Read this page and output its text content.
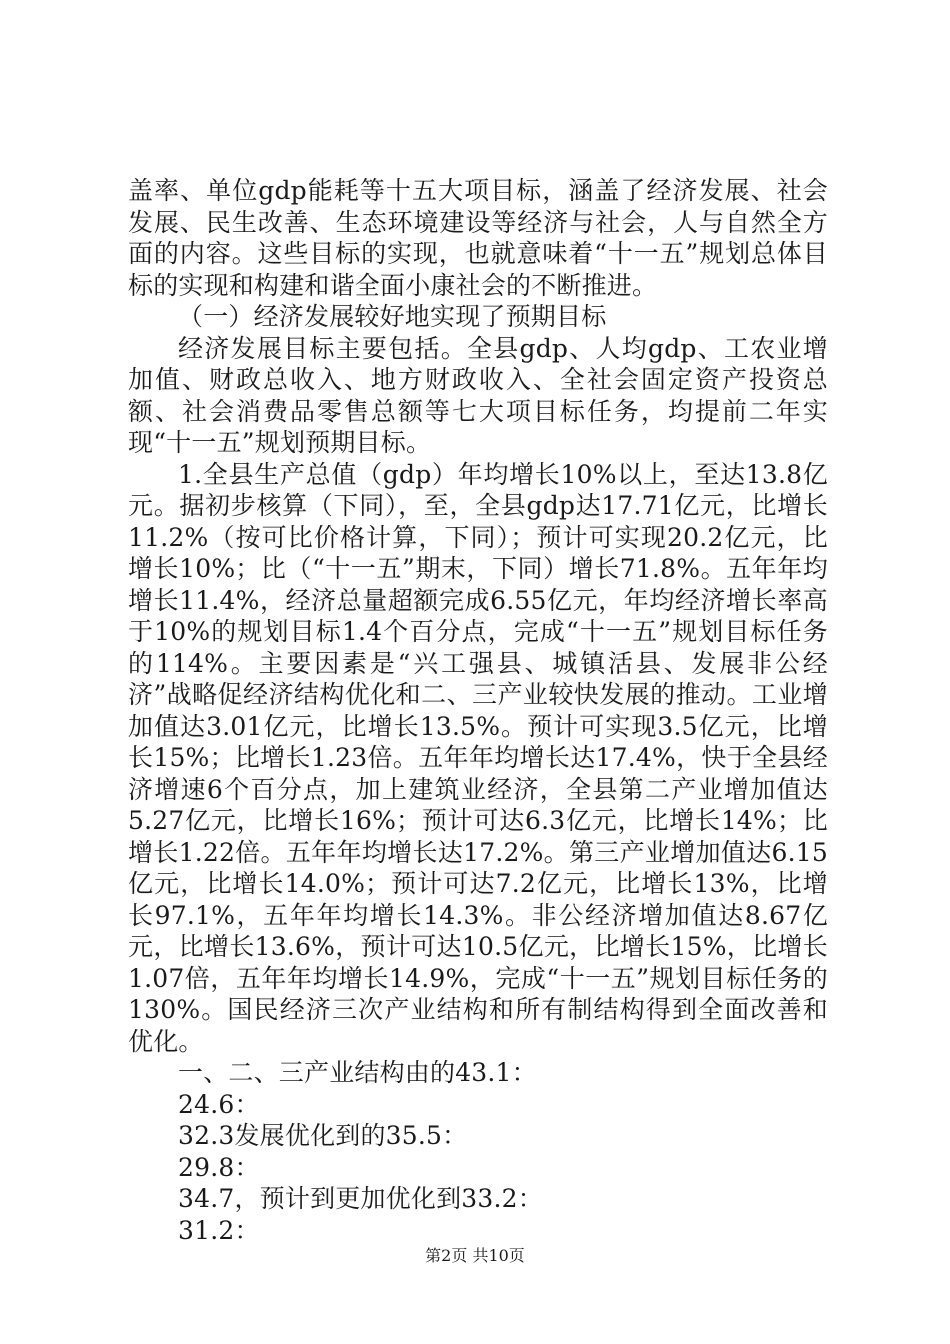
盖率、单位gdp能耗等十五大项目标，涵盖了经济发展、社会发展、民生改善、生态环境建设等经济与社会，人与自然全方面的内容。这些目标的实现，也就意味着“十一五”规划总体目标的实现和构建和谐全面小康社会的不断推进。

（一）经济发展较好地实现了预期目标

经济发展目标主要包括。全县gdp、人均gdp、工农业增加值、财政总收入、地方财政收入、全社会固定资产投资总额、社会消费品零售总额等七大项目标任务，均提前二年实现“十一五”规划预期目标。

1.全县生产总值（gdp）年均增长10%以上，至达13.8亿元。据初步核算（下同），至，全县gdp达17.71亿元，比增长11.2%（按可比价格计算，下同）；预计可实现20.2亿元，比增长10%；比（“十一五”期末，下同）增长71.8%。五年年均增长11.4%，经济总量超额完成6.55亿元，年均经济增长率高于10%的规划目标1.4个百分点，完成“十一五”规划目标任务的114%。主要因素是“兴工强县、城镇活县、发展非公经济”战略促经济结构优化和二、三产业较快发展的推动。工业增加值达3.01亿元，比增长13.5%。预计可实现3.5亿元，比增长15%；比增长1.23倍。五年年均增长达17.4%，快于全县经济增速6个百分点，加上建筑业经济，全县第二产业增加值达5.27亿元，比增长16%；预计可达6.3亿元，比增长14%；比增长1.22倍。五年年均增长达17.2%。第三产业增加值达6.15亿元，比增长14.0%；预计可达7.2亿元，比增长13%，比增长97.1%，五年年均增长14.3%。非公经济增加值达8.67亿元，比增长13.6%，预计可达10.5亿元，比增长15%，比增长1.07倍，五年年均增长14.9%，完成“十一五”规划目标任务的130%。国民经济三次产业结构和所有制结构得到全面改善和优化。

一、二、三产业结构由的43.1：

24.6：

32.3发展优化到的35.5：

29.8：

34.7，预计到更加优化到33.2：

31.2：

第2页 共10页
